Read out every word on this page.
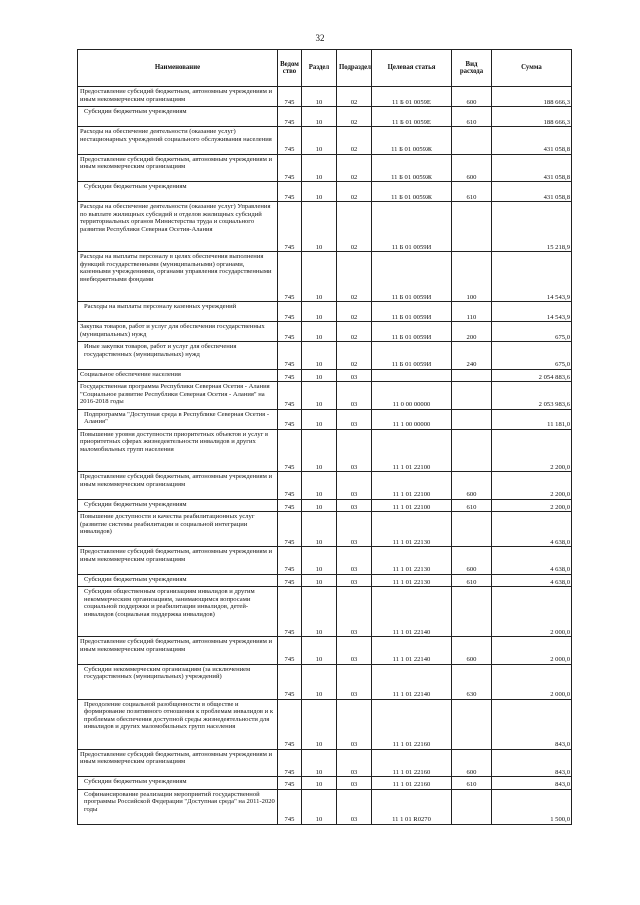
32
Наименование	Ведом ство	Раздел	Подраздел	Целевая статья	Вид расхода	Сумма
Предоставление субсидий бюджетным, автономным учреждениям и иным некоммерческим организациям	745	10	02	11 Б 01 0059Е	600	188 666,3
Субсидии бюджетным учреждениям	745	10	02	11 Б 01 0059Е	610	188 666,3
Расходы на обеспечение деятельности (оказание услуг) нестационарных учреждений социального обслуживания населения	745	10	02	11 Б 01 0059Ж		431 058,8
Предоставление субсидий бюджетным, автономным учреждениям и иным некоммерческим организациям	745	10	02	11 Б 01 0059Ж	600	431 058,8
Субсидии бюджетным учреждениям	745	10	02	11 Б 01 0059Ж	610	431 058,8
Расходы на обеспечение деятельности (оказание услуг) Управления по выплате жилищных субсидий и отделов жилищных субсидий территориальных органов Министерства труда и социального развития Республики Северная Осетия-Алания	745	10	02	11 Б 01 0059И		15 218,9
Расходы на выплаты персоналу в целях обеспечения выполнения функций государственными (муниципальными) органами, казенными учреждениями, органами управления государственными внебюджетными фондами	745	10	02	11 Б 01 0059И	100	14 543,9
Расходы на выплаты персоналу казенных учреждений	745	10	02	11 Б 01 0059И	110	14 543,9
Закупка товаров, работ и услуг для обеспечения государственных (муниципальных) нужд	745	10	02	11 Б 01 0059И	200	675,0
Иные закупки товаров, работ и услуг для обеспечения государственных (муниципальных) нужд	745	10	02	11 Б 01 0059И	240	675,0
Социальное обеспечение населения	745	10	03			2 054 883,6
Государственная программа Республики Северная Осетия - Алания "Социальное развитие Республики Северная Осетия - Алания" на 2016-2018 годы	745	10	03	11 0 00 00000		2 053 983,6
Подпрограмма "Доступная среда в Республике Северная Осетия - Алания"	745	10	03	11 1 00 00000		11 181,0
Повышение уровня доступности приоритетных объектов и услуг в приоритетных сферах жизнедеятельности инвалидов и других маломобильных групп населения	745	10	03	11 1 01 22100		2 200,0
Предоставление субсидий бюджетным, автономным учреждениям и иным некоммерческим организациям	745	10	03	11 1 01 22100	600	2 200,0
Субсидии бюджетным учреждениям	745	10	03	11 1 01 22100	610	2 200,0
Повышение доступности и качества реабилитационных услуг (развитие системы реабилитации и социальной интеграции инвалидов)	745	10	03	11 1 01 22130		4 638,0
Предоставление субсидий бюджетным, автономным учреждениям и иным некоммерческим организациям	745	10	03	11 1 01 22130	600	4 638,0
Субсидии бюджетным учреждениям	745	10	03	11 1 01 22130	610	4 638,0
Субсидии общественным организациям инвалидов и другим некоммерческим организациям, занимающимся вопросами социальной поддержки и реабилитации инвалидов, детей-инвалидов (социальная поддержка инвалидов)	745	10	03	11 1 01 22140		2 000,0
Предоставление субсидий бюджетным, автономным учреждениям и иным некоммерческим организациям	745	10	03	11 1 01 22140	600	2 000,0
Субсидии некоммерческим организациям (за исключением государственных (муниципальных) учреждений)	745	10	03	11 1 01 22140	630	2 000,0
Преодоление социальной разобщенности в обществе и формирование позитивного отношения к проблемам инвалидов и к проблемам обеспечения доступной среды жизнедеятельности для инвалидов и других маломобильных групп населения	745	10	03	11 1 01 22160		843,0
Предоставление субсидий бюджетным, автономным учреждениям и иным некоммерческим организациям	745	10	03	11 1 01 22160	600	843,0
Субсидии бюджетным учреждениям	745	10	03	11 1 01 22160	610	843,0
Софинансирование реализации мероприятий государственной программы Российской Федерации "Доступная среда" на 2011-2020 годы	745	10	03	11 1 01 R0270		1 500,0
